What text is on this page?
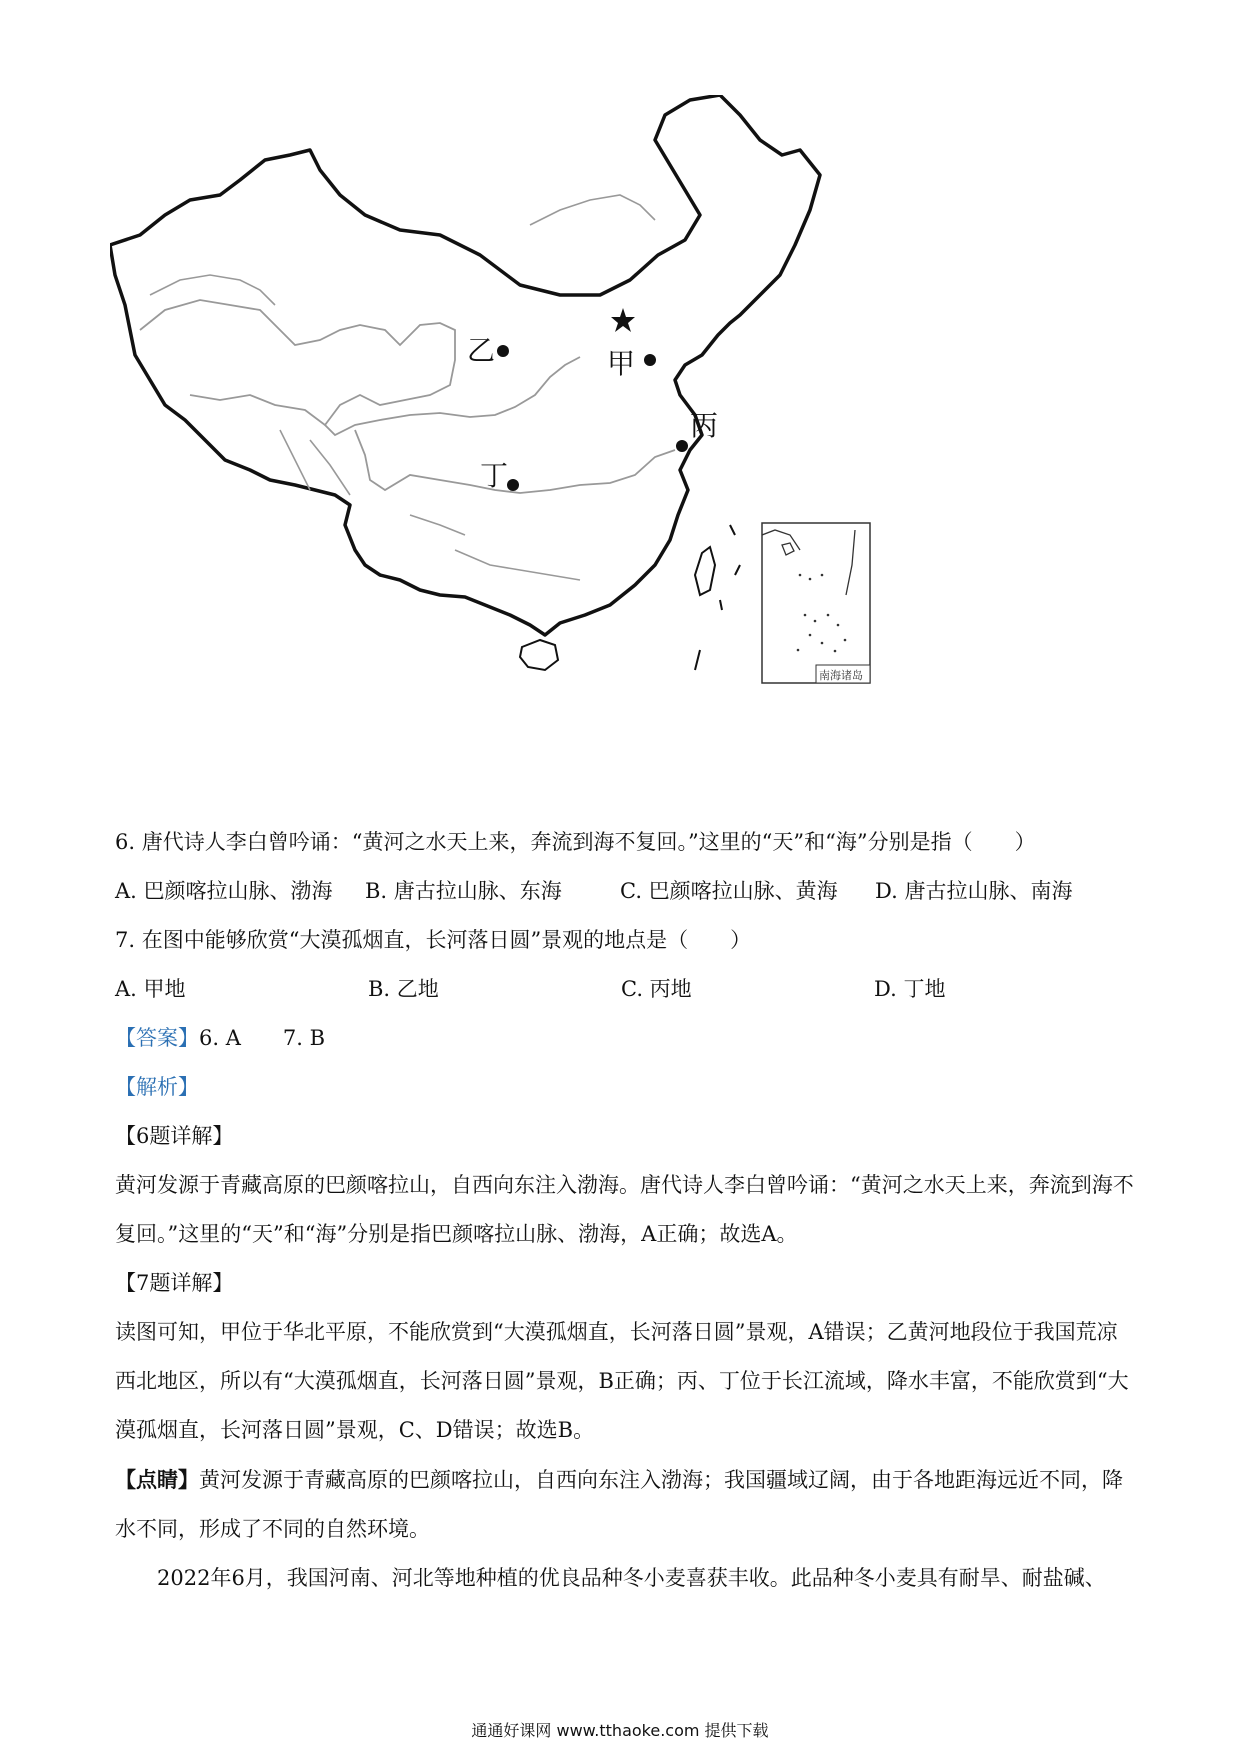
乙	甲
丙
丁
南海诸岛
6. 唐代诗人李白曾吟诵：“黄河之水天上来，奔流到海不复回。”这里的“天”和“海”分别是指（　　）
A. 巴颜喀拉山脉、渤海 B. 唐古拉山脉、东海	C. 巴颜喀拉山脉、黄海 D. 唐古拉山脉、南海
7. 在图中能够欣赏“大漠孤烟直，长河落日圆”景观的地点是（　　）
A. 甲地	B. 乙地	C. 丙地	D. 丁地
【答案】6. A　　7. B
【解析】
【6题详解】
黄河发源于青藏高原的巴颜喀拉山，自西向东注入渤海。唐代诗人李白曾吟诵：“黄河之水天上来，奔流到海不复回。”这里的“天”和“海”分别是指巴颜喀拉山脉、渤海，A正确；故选A。
【7题详解】
读图可知，甲位于华北平原，不能欣赏到“大漠孤烟直，长河落日圆”景观，A错误；乙黄河地段位于我国荒凉　西北地区，所以有“大漠孤烟直，长河落日圆”景观，B正确；丙、丁位于长江流域，降水丰富，不能欣赏到“大漠孤烟直，长河落日圆”景观，C、D错误；故选B。
【点睛】黄河发源于青藏高原的巴颜喀拉山，自西向东注入渤海；我国疆域辽阔，由于各地距海远近不同，降水不同，形成了不同的自然环境。
2022年6月，我国河南、河北等地种植的优良品种冬小麦喜获丰收。此品种冬小麦具有耐旱、耐盐碱、
通通好课网 www.tthaoke.com 提供下载
